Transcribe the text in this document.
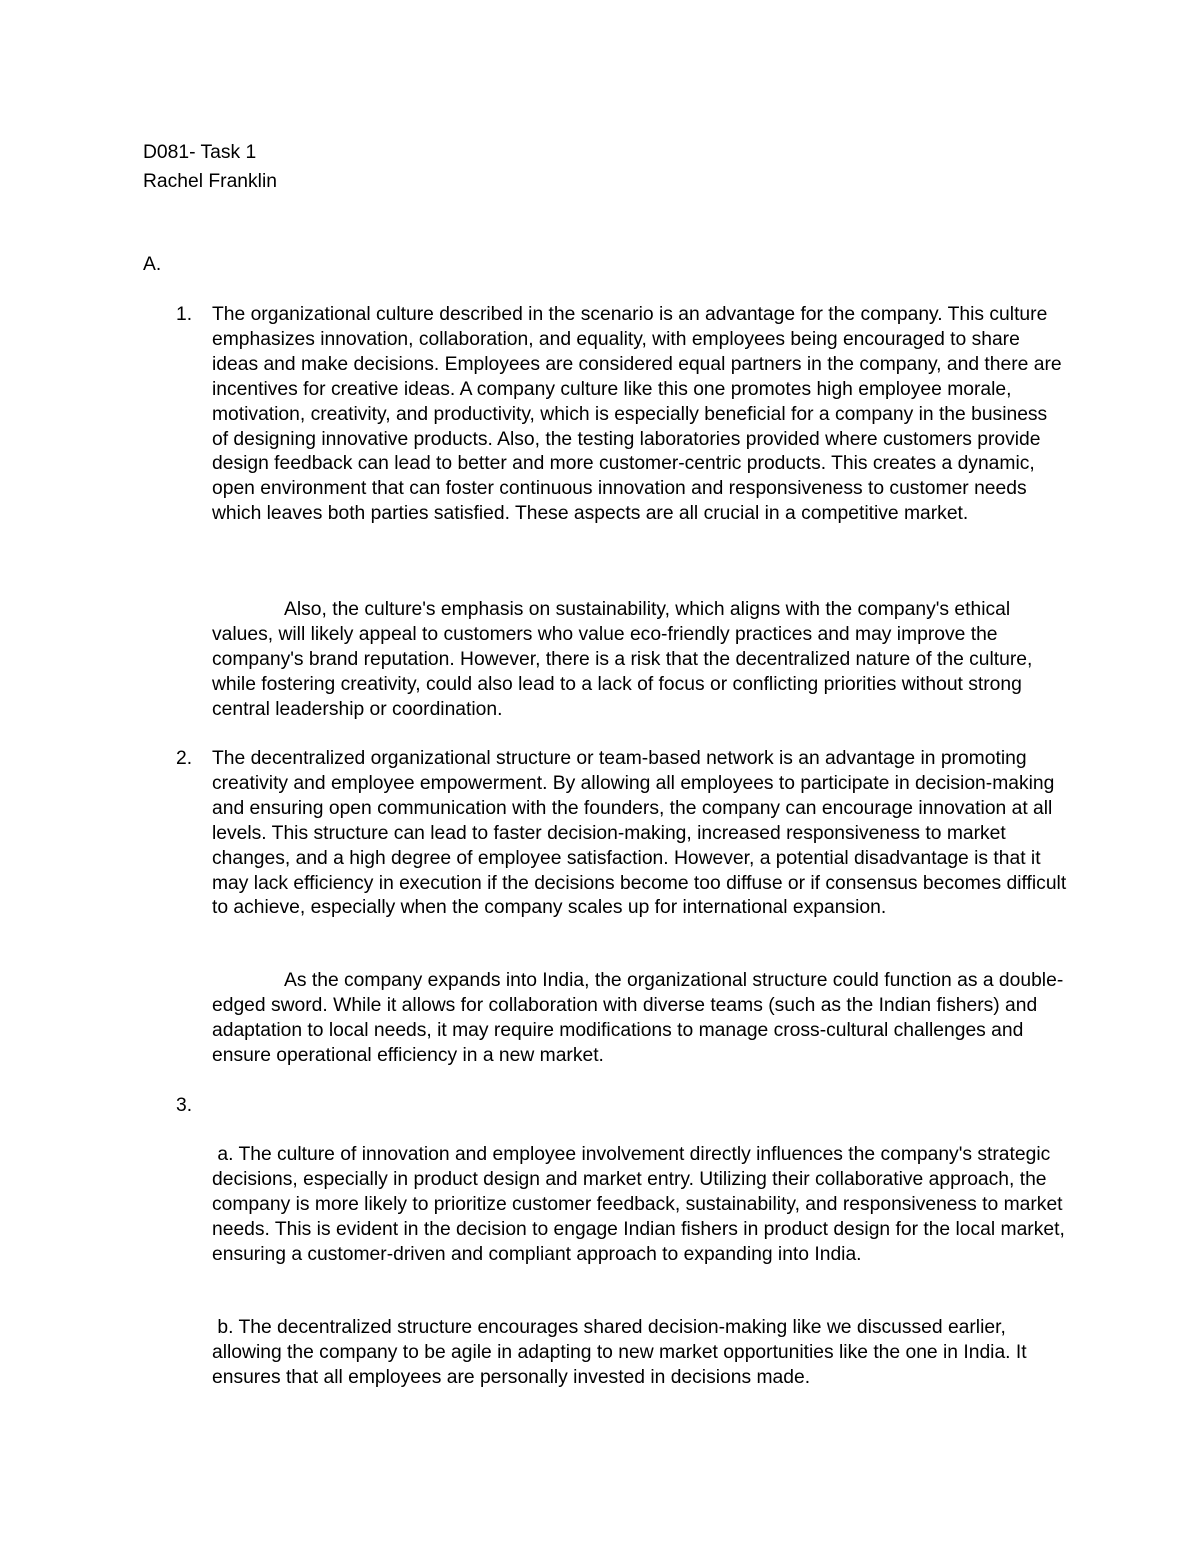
D081- Task 1
Rachel Franklin
A.
1. The organizational culture described in the scenario is an advantage for the company. This culture emphasizes innovation, collaboration, and equality, with employees being encouraged to share ideas and make decisions. Employees are considered equal partners in the company, and there are incentives for creative ideas. A company culture like this one promotes high employee morale, motivation, creativity, and productivity, which is especially beneficial for a company in the business of designing innovative products. Also, the testing laboratories provided where customers provide design feedback can lead to better and more customer-centric products. This creates a dynamic, open environment that can foster continuous innovation and responsiveness to customer needs which leaves both parties satisfied. These aspects are all crucial in a competitive market.

Also, the culture's emphasis on sustainability, which aligns with the company's ethical values, will likely appeal to customers who value eco-friendly practices and may improve the company's brand reputation. However, there is a risk that the decentralized nature of the culture, while fostering creativity, could also lead to a lack of focus or conflicting priorities without strong central leadership or coordination.

2. The decentralized organizational structure or team-based network is an advantage in promoting creativity and employee empowerment. By allowing all employees to participate in decision-making and ensuring open communication with the founders, the company can encourage innovation at all levels. This structure can lead to faster decision-making, increased responsiveness to market changes, and a high degree of employee satisfaction. However, a potential disadvantage is that it may lack efficiency in execution if the decisions become too diffuse or if consensus becomes difficult to achieve, especially when the company scales up for international expansion.

As the company expands into India, the organizational structure could function as a double-edged sword. While it allows for collaboration with diverse teams (such as the Indian fishers) and adaptation to local needs, it may require modifications to manage cross-cultural challenges and ensure operational efficiency in a new market.

3.

a. The culture of innovation and employee involvement directly influences the company's strategic decisions, especially in product design and market entry. Utilizing their collaborative approach, the company is more likely to prioritize customer feedback, sustainability, and responsiveness to market needs. This is evident in the decision to engage Indian fishers in product design for the local market, ensuring a customer-driven and compliant approach to expanding into India.

b. The decentralized structure encourages shared decision-making like we discussed earlier, allowing the company to be agile in adapting to new market opportunities like the one in India. It ensures that all employees are personally invested in decisions made.
